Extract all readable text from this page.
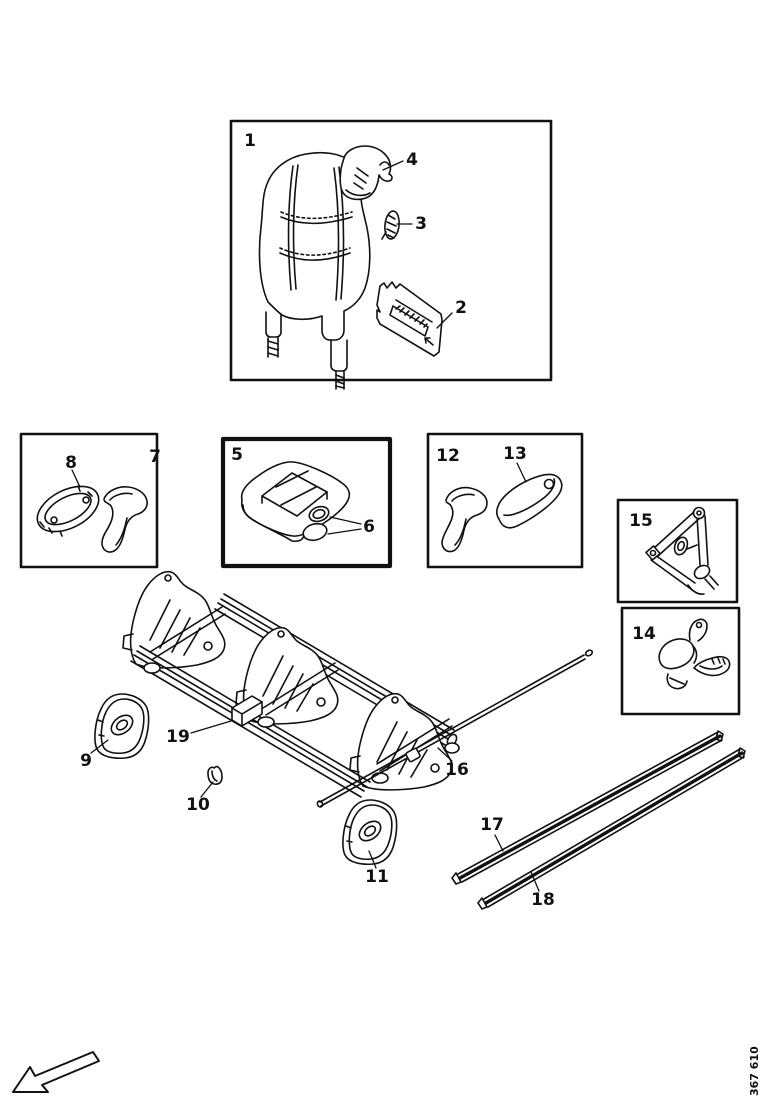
1
2
3
4
5
6
7
8
9
10
11
12	13
14
15
16
17
18
19
367 610
